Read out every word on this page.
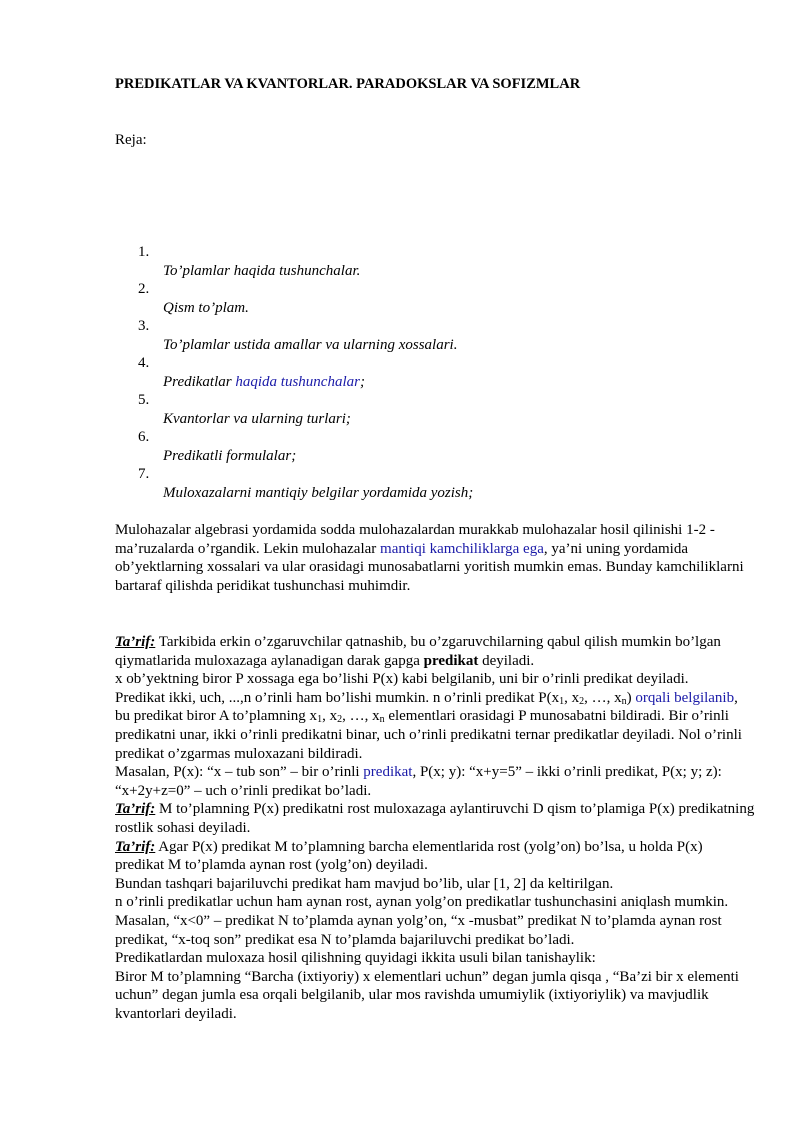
PREDIKATLAR VA KVANTORLAR. PARADOKSLAR VA SOFIZMLAR
Reja:
1.
To’plamlar haqida tushunchalar.
2.
Qism to’plam.
3.
To’plamlar ustida amallar va ularning xossalari.
4.
Predikatlar haqida tushunchalar;
5.
Kvantorlar va ularning turlari;
6.
Predikatli formulalar;
7.
Muloxazalarni mantiqiy belgilar yordamida yozish;

Mulohazalar algebrasi yordamida sodda mulohazalardan murakkab mulohazalar hosil qilinishi 1-2 - ma’ruzalarda o’rgandik. Lekin mulohazalar mantiqi kamchiliklarga ega, ya’ni uning yordamida ob’yektlarning xossalari va ular orasidagi munosabatlarni yoritish mumkin emas. Bunday kamchiliklarni bartaraf qilishda peridikat tushunchasi muhimdir.

Ta’rif: Tarkibida erkin o’zgaruvchilar qatnashib, bu o’zgaruvchilarning qabul qilish mumkin bo’lgan qiymatlarida muloxazaga aylanadigan darak gapga predikat deyiladi.
x ob’yektning biror P xossaga ega bo’lishi P(x) kabi belgilanib, uni bir o’rinli predikat deyiladi.
Predikat ikki, uch, ...,n o’rinli ham bo’lishi mumkin. n o’rinli predikat $P(x_1$, $x_2$, …, $x_n$) orqali belgilanib, bu predikat biror A to’plamning $x_1$, $x_2$, …, $x_n$ elementlari orasidagi P munosabatni bildiradi. Bir o’rinli predikatni unar, ikki o’rinli predikatni binar, uch o’rinli predikatni ternar predikatlar deyiladi. Nol o’rinli predikat o’zgarmas muloxazani bildiradi.
Masalan, P(x): “x – tub son” – bir o’rinli predikat, P(x; y): “x+y=5” – ikki o’rinli predikat, P(x; y; z): “x+2y+z=0” – uch o’rinli predikat bo’ladi.
Ta’rif: M to’plamning P(x) predikatni rost muloxazaga aylantiruvchi D qism to’plamiga P(x) predikatning rostlik sohasi deyiladi.
Ta’rif: Agar P(x) predikat M to’plamning barcha elementlarida rost (yolg’on) bo’lsa, u holda P(x) predikat M to’plamda aynan rost (yolg’on) deyiladi.
Bundan tashqari bajariluvchi predikat ham mavjud bo’lib, ular [1, 2] da keltirilgan.
n o’rinli predikatlar uchun ham aynan rost, aynan yolg’on predikatlar tushunchasini aniqlash mumkin.
Masalan, “x<0” – predikat N to’plamda aynan yolg’on, “x -musbat” predikat N to’plamda aynan rost predikat, “x-toq son” predikat esa N to’plamda bajariluvchi predikat bo’ladi.
Predikatlardan muloxaza hosil qilishning quyidagi ikkita usuli bilan tanishaylik:
Biror M to’plamning “Barcha (ixtiyoriy) x elementlari uchun” degan jumla qisqa , “Ba’zi bir x elementi uchun” degan jumla esa orqali belgilanib, ular mos ravishda umumiylik (ixtiyoriylik) va mavjudlik kvantorlari deyiladi.
